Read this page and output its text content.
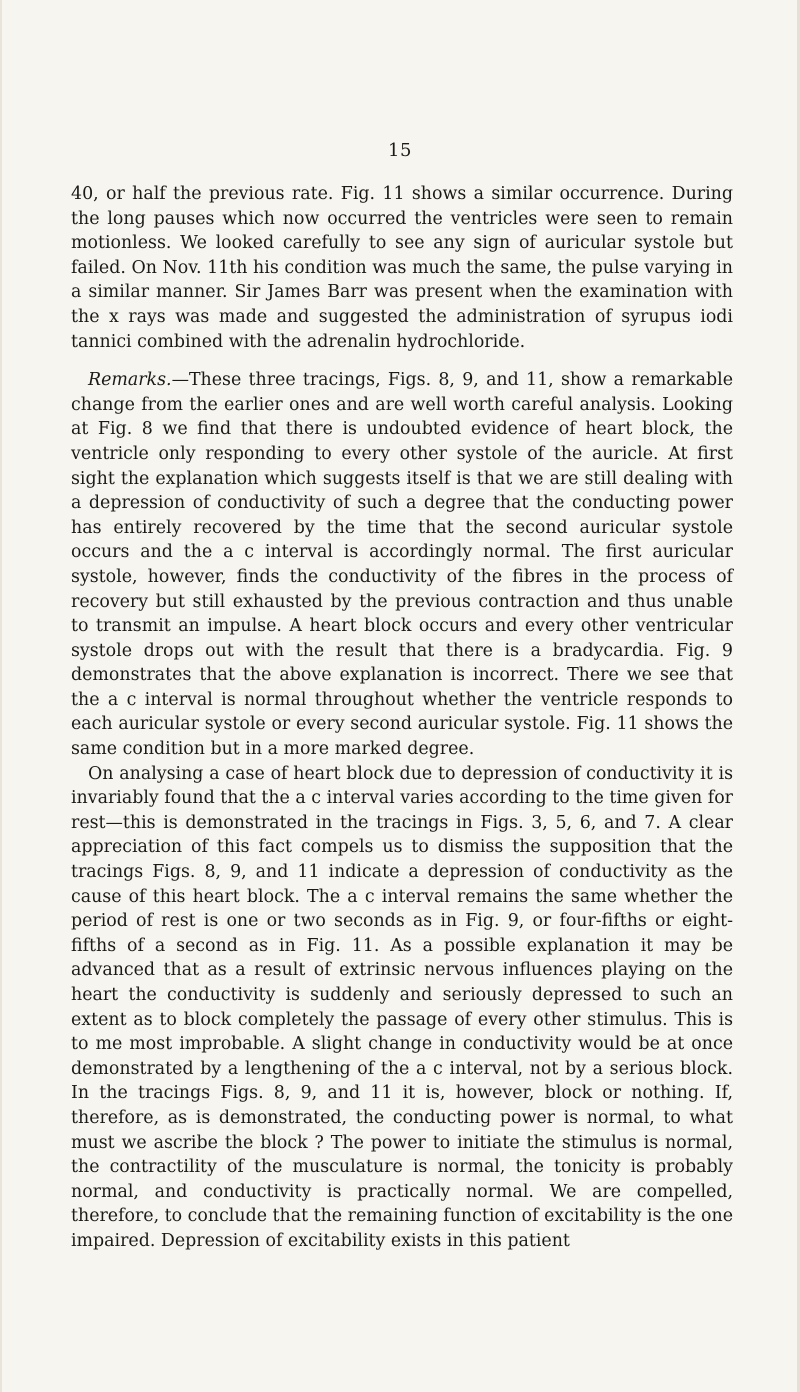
15

40, or half the previous rate. Fig. 11 shows a similar occurrence. During the long pauses which now occurred the ventricles were seen to remain motionless. We looked carefully to see any sign of auricular systole but failed. On Nov. 11th his condition was much the same, the pulse varying in a similar manner. Sir James Barr was present when the examination with the x rays was made and suggested the administration of syrupus iodi tannici combined with the adrenalin hydrochloride.

Remarks.—These three tracings, Figs. 8, 9, and 11, show a remarkable change from the earlier ones and are well worth careful analysis. Looking at Fig. 8 we find that there is undoubted evidence of heart block, the ventricle only responding to every other systole of the auricle. At first sight the explanation which suggests itself is that we are still dealing with a depression of conductivity of such a degree that the conducting power has entirely recovered by the time that the second auricular systole occurs and the a c interval is accordingly normal. The first auricular systole, however, finds the conductivity of the fibres in the process of recovery but still exhausted by the previous contraction and thus unable to transmit an impulse. A heart block occurs and every other ventricular systole drops out with the result that there is a bradycardia. Fig. 9 demonstrates that the above explanation is incorrect. There we see that the a c interval is normal throughout whether the ventricle responds to each auricular systole or every second auricular systole. Fig. 11 shows the same condition but in a more marked degree.

On analysing a case of heart block due to depression of conductivity it is invariably found that the a c interval varies according to the time given for rest—this is demonstrated in the tracings in Figs. 3, 5, 6, and 7. A clear appreciation of this fact compels us to dismiss the supposition that the tracings Figs. 8, 9, and 11 indicate a depression of conductivity as the cause of this heart block. The a c interval remains the same whether the period of rest is one or two seconds as in Fig. 9, or four-fifths or eight-fifths of a second as in Fig. 11. As a possible explanation it may be advanced that as a result of extrinsic nervous influences playing on the heart the conductivity is suddenly and seriously depressed to such an extent as to block completely the passage of every other stimulus. This is to me most improbable. A slight change in conductivity would be at once demonstrated by a lengthening of the a c interval, not by a serious block. In the tracings Figs. 8, 9, and 11 it is, however, block or nothing. If, therefore, as is demonstrated, the conducting power is normal, to what must we ascribe the block ? The power to initiate the stimulus is normal, the contractility of the musculature is normal, the tonicity is probably normal, and conductivity is practically normal. We are compelled, therefore, to conclude that the remaining function of excitability is the one impaired. Depression of excitability exists in this patient
